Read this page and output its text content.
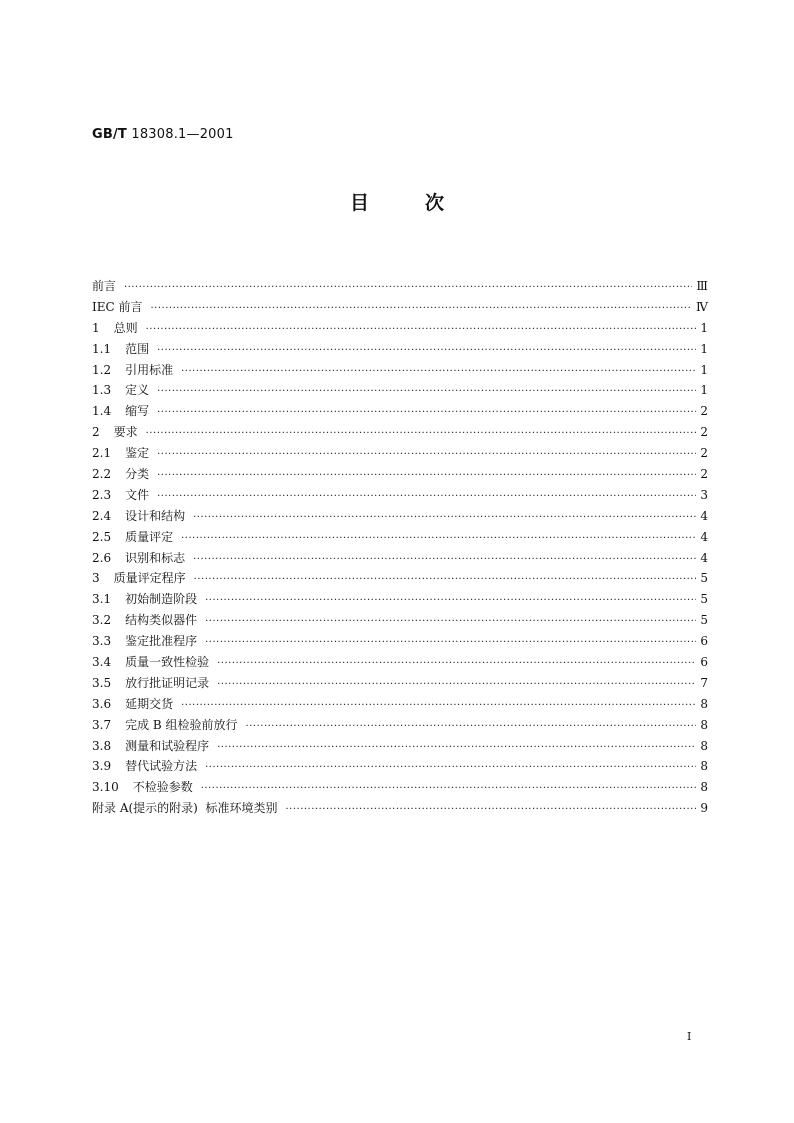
GB/T 18308.1—2001
目	次
前言 ·····	Ⅲ
IEC 前言 ·····	Ⅳ
1 总则 ·····	1
1.1 范围 ·····	1
1.2 引用标准 ·····	1
1.3 定义 ·····	1
1.4 缩写 ·····	2
2 要求 ·····	2
2.1 鉴定 ·····	2
2.2 分类 ·····	2
2.3 文件 ·····	3
2.4 设计和结构 ·····	4
2.5 质量评定 ·····	4
2.6 识别和标志 ·····	4
3 质量评定程序 ·····	5
3.1 初始制造阶段 ·····	5
3.2 结构类似器件 ·····	5
3.3 鉴定批准程序 ·····	6
3.4 质量一致性检验 ·····	6
3.5 放行批证明记录 ·····	7
3.6 延期交货 ·····	8
3.7 完成 B 组检验前放行 ·····	8
3.8 测量和试验程序 ·····	8
3.9 替代试验方法 ·····	8
3.10 不检验参数 ·····	8
附录 A(提示的附录)  标准环境类别 ·····	9
I
